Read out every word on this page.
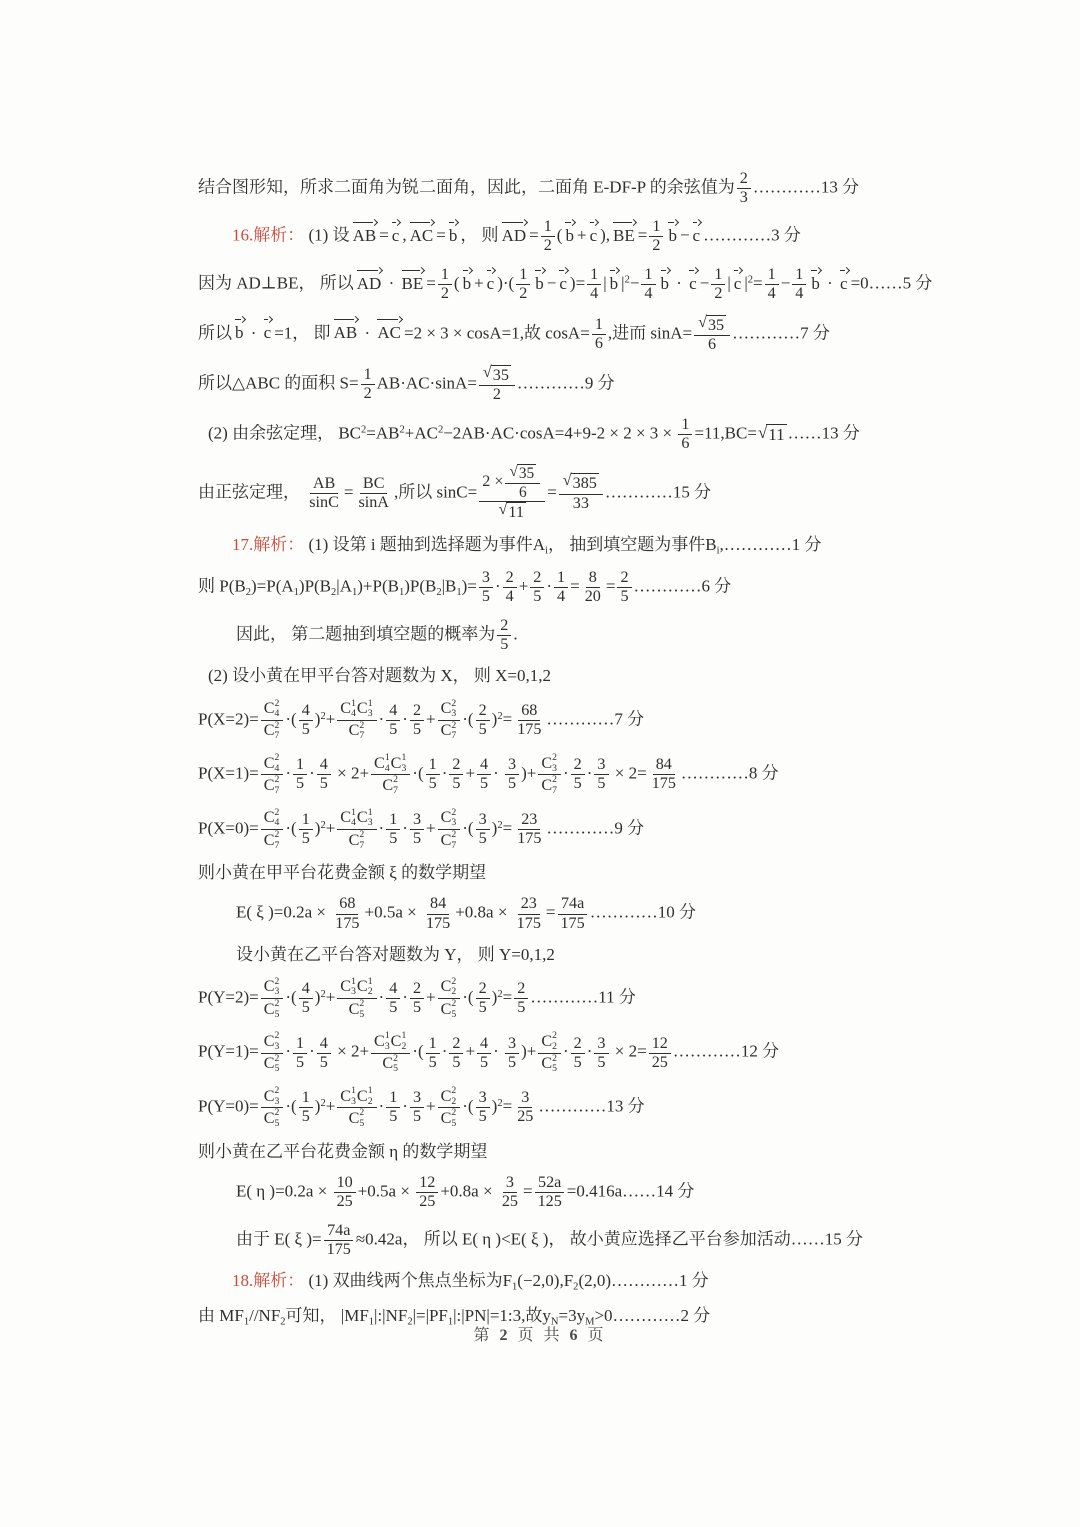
结合图形知，所求二面角为锐二面角，因此，二面角 E-DF-P 的余弦值为 $\frac{2}{3}$ …………13 分
16.解析： (1) 设 AB = c , AC = b ， 则 AD = $\frac{1}{2}$ ( b + c ), BE = $\frac{1}{2}$ b − c …………3 分
因为 AD⊥BE， 所以 AD · BE = $\frac{1}{2}$ ( b + c )·( $\frac{1}{2}$ b − c )= $\frac{1}{4}$ | b $|^2- \frac{1}{4}$ $b \cdot c - \frac{1}{2}$ | c $|^2= \frac{1}{4} - \frac{1}{4}$ b · c =0……5 分
所以 b · c =1， 即 AB · AC =2 × 3 × cosA=1,故 $\cos A= \frac{1}{6}$ ,进而 $\sin A= \frac{√ 35}{6}$ …………7 分
所以△ABC 的面积 $S= \frac{1}{2} AB\cdot AC\cdot\sin A= \frac{√ 35}{2}$ …………9 分
(2) 由余弦定理， $BC^2=AB^2+AC^2-2AB\cdot AC\cdot\cos A=4+9-2 \times 2 \times 3 \times \frac{1}{6} =11,BC=$ √ 11 ……13 分
由正弦定理， $\frac{AB}{\sin C} = \frac{BC}{\sin A}$ ,所以 sinC= 2 ×
√ 35
6
√ $11 = \frac{√ 385}{33}$ …………15 分
17.解析： (1) 设第 i 题抽到选择题为事件$A_i$， 抽到填空题为事件$B_i,\dots\dots\dots\dots 1$ 分
则 $P(B_2)=P(A_1)P(B_2|A_1)+P(B_1)P(B_2|B_1)= \frac{3}{5} \cdot \frac{2}{4} + \frac{2}{5} \cdot \frac{1}{4} = \frac{8}{20} = \frac{2}{5}$ …………6 分
因此， 第二题抽到填空题的概率为 $\frac{2}{5}$ .
(2) 设小黄在甲平台答对题数为 X， 则 X=0,1,2
P(X=2)= C 2
4
C 2
7 ·( $\frac{4}{5} )^2+ C$ 1
4 C 1
3
C 2
$7 \cdot \frac{4}{5} \cdot \frac{2}{5} + C$ 2
3
C 2
7 ·( $\frac{2}{5} )^2= \frac{68}{175}$ …………7 分
P(X=1)= C 2
4
C 2
$7 \cdot \frac{1}{5} \cdot \frac{4}{5} \times 2+ C$ 1
4 C 1
3
C 2
7 ·( $\frac{1}{5} \cdot \frac{2}{5} + \frac{4}{5} \cdot \frac{3}{5}$ )+ C 2
3
C 2
$7 \cdot \frac{2}{5} \cdot \frac{3}{5} \times 2= \frac{84}{175}$ …………8 分
P(X=0)= C 2
4
C 2
7 ·( $\frac{1}{5} )^2+ C$ 1
4 C 1
3
C 2
$7 \cdot \frac{1}{5} \cdot \frac{3}{5} + C$ 2
3
C 2
7 ·( $\frac{3}{5} )^2= \frac{23}{175}$ …………9 分
则小黄在甲平台花费金额 ξ 的数学期望
E( ξ )$=0.2a \times \frac{68}{175} +0.5a \times \frac{84}{175} +0.8a \times \frac{23}{175} = \frac{74a}{175}$ …………10 分
设小黄在乙平台答对题数为 Y， 则 Y=0,1,2
P(Y=2)= C 2
3
C 2
5 ·( $\frac{4}{5} )^2+ C$ 1
3 C 1
2
C 2
$5 \cdot \frac{4}{5} \cdot \frac{2}{5} + C$ 2
2
C 2
5 ·( $\frac{2}{5} )^2= \frac{2}{5}$ …………11 分
P(Y=1)= C 2
3
C 2
$5 \cdot \frac{1}{5} \cdot \frac{4}{5} \times 2+ C$ 1
3 C 1
2
C 2
5 ·( $\frac{1}{5} \cdot \frac{2}{5} + \frac{4}{5} \cdot \frac{3}{5}$ )+ C 2
2
C 2
$5 \cdot \frac{2}{5} \cdot \frac{3}{5} \times 2= \frac{12}{25}$ …………12 分
P(Y=0)= C 2
3
C 2
5 ·( $\frac{1}{5} )^2+ C$ 1
3 C 1
2
C 2
$5 \cdot \frac{1}{5} \cdot \frac{3}{5} + C$ 2
2
C 2
5 ·( $\frac{3}{5} )^2= \frac{3}{25}$ …………13 分
则小黄在乙平台花费金额 η 的数学期望
E( η )$=0.2a \times \frac{10}{25} +0.5a \times \frac{12}{25} +0.8a \times \frac{3}{25} = \frac{52a}{125}$ =0.416a……14 分
由于 E( ξ )= $\frac{74a}{175} \approx 0.42a$， 所以 E( η )<E( ξ )， 故小黄应选择乙平台参加活动……15 分
18.解析： (1) 双曲线两个焦点坐标为$F_1(-2,0),F_2(2,0)\dots\dots\dots\dots 1$ 分
由 $MF_1//NF_2$可知， $|MF_1|:|NF_2|=|PF_1|:|PN|=1:3$,故$y_N=3y_M>0\dots\dots\dots\dots 2$ 分
第 2 页 共 6 页
